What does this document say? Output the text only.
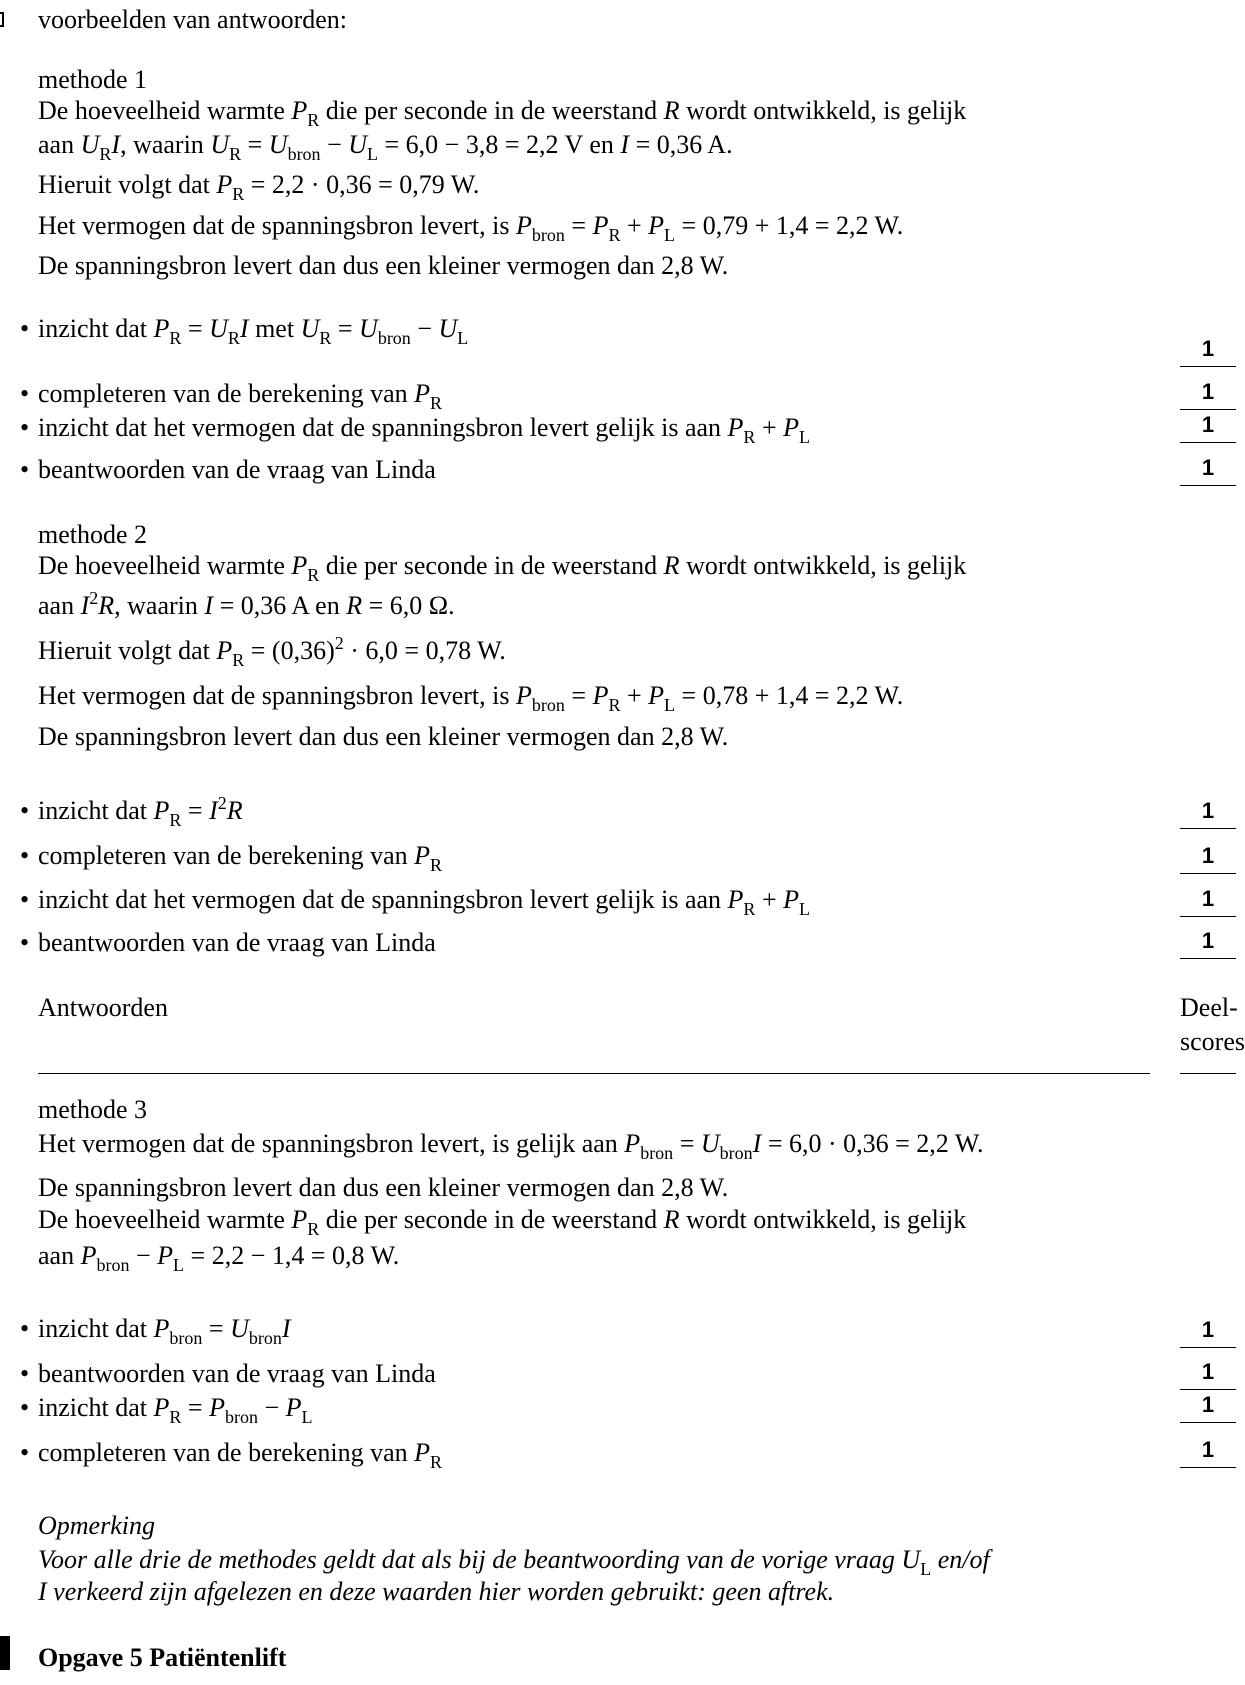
voorbeelden van antwoorden:
methode 1
De hoeveelheid warmte $P_R$ die per seconde in de weerstand R wordt ontwikkeld, is gelijk
aan $U_RI$, waarin $U_R = U_{bron} - U_L = 6,0 - 3,8 = 2,2$ V en I = 0,36 A.
Hieruit volgt dat $P_R = 2,2 \cdot 0,36 = 0,79$ W.
Het vermogen dat de spanningsbron levert, is $P_{bron} = P_R + P_L = 0,79 + 1,4 = 2,2$ W.
De spanningsbron levert dan dus een kleiner vermogen dan 2,8 W.
• inzicht dat $P_R = U_RI$ met $U_R = U_{bron} - U_L$	1
• completeren van de berekening van $P_R$	1
• inzicht dat het vermogen dat de spanningsbron levert gelijk is aan $P_R + P_L$	1
• beantwoorden van de vraag van Linda	1
methode 2
De hoeveelheid warmte $P_R$ die per seconde in de weerstand R wordt ontwikkeld, is gelijk
aan $I^2R$, waarin I = 0,36 A en R = 6,0 Ω.
Hieruit volgt dat $P_R = (0,36)^2 \cdot 6,0 = 0,78$ W.
Het vermogen dat de spanningsbron levert, is $P_{bron} = P_R + P_L = 0,78 + 1,4 = 2,2$ W.
De spanningsbron levert dan dus een kleiner vermogen dan 2,8 W.
• inzicht dat $P_R = I^2R$	1
• completeren van de berekening van $P_R$	1
• inzicht dat het vermogen dat de spanningsbron levert gelijk is aan $P_R + P_L$	1
• beantwoorden van de vraag van Linda	1
Antwoorden	Deel-
scores
methode 3
Het vermogen dat de spanningsbron levert, is gelijk aan $P_{bron} = U_{bron}I = 6,0 \cdot 0,36 = 2,2$ W.
De spanningsbron levert dan dus een kleiner vermogen dan 2,8 W.
De hoeveelheid warmte $P_R$ die per seconde in de weerstand R wordt ontwikkeld, is gelijk
aan $P_{bron} - P_L = 2,2 - 1,4 = 0,8$ W.
• inzicht dat $P_{bron} = U_{bron}I$	1
• beantwoorden van de vraag van Linda	1
• inzicht dat $P_R = P_{bron} - P_L$	1
• completeren van de berekening van $P_R$	1
Opmerking
Voor alle drie de methodes geldt dat als bij de beantwoording van de vorige vraag $U_L$ en/of
I verkeerd zijn afgelezen en deze waarden hier worden gebruikt: geen aftrek.
Opgave 5 Patiëntenlift
